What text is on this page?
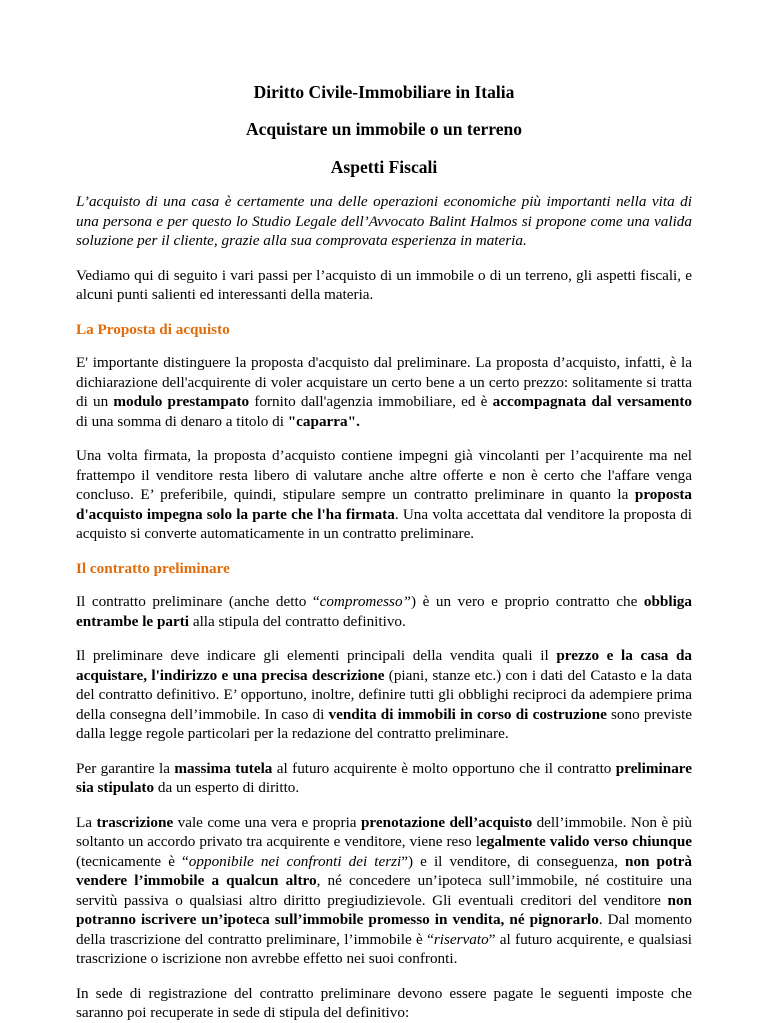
Diritto Civile-Immobiliare in Italia
Acquistare un immobile o un terreno
Aspetti Fiscali

L’acquisto di una casa è certamente una delle operazioni economiche più importanti nella vita di una persona e per questo lo Studio Legale dell’Avvocato Balint Halmos si propone come una valida soluzione per il cliente, grazie alla sua comprovata esperienza in materia.

Vediamo qui di seguito i vari passi per l’acquisto di un immobile o di un terreno, gli aspetti fiscali, e alcuni punti salienti ed interessanti della materia.

La Proposta di acquisto

E' importante distinguere la proposta d'acquisto dal preliminare. La proposta d’acquisto, infatti, è la dichiarazione dell'acquirente di voler acquistare un certo bene a un certo prezzo: solitamente si tratta di un modulo prestampato fornito dall'agenzia immobiliare, ed è accompagnata dal versamento di una somma di denaro a titolo di "caparra".

Una volta firmata, la proposta d’acquisto contiene impegni già vincolanti per l’acquirente ma nel frattempo il venditore resta libero di valutare anche altre offerte e non è certo che l'affare venga concluso. E’ preferibile, quindi, stipulare sempre un contratto preliminare in quanto la proposta d'acquisto impegna solo la parte che l'ha firmata. Una volta accettata dal venditore la proposta di acquisto si converte automaticamente in un contratto preliminare.

Il contratto preliminare

Il contratto preliminare (anche detto “compromesso”) è un vero e proprio contratto che obbliga entrambe le parti alla stipula del contratto definitivo.

Il preliminare deve indicare gli elementi principali della vendita quali il prezzo e la casa da acquistare, l'indirizzo e una precisa descrizione (piani, stanze etc.) con i dati del Catasto e la data del contratto definitivo. E’ opportuno, inoltre, definire tutti gli obblighi reciproci da adempiere prima della consegna dell’immobile. In caso di vendita di immobili in corso di costruzione sono previste dalla legge regole particolari per la redazione del contratto preliminare.

Per garantire la massima tutela al futuro acquirente è molto opportuno che il contratto preliminare sia stipulato da un esperto di diritto.

La trascrizione vale come una vera e propria prenotazione dell’acquisto dell’immobile. Non è più soltanto un accordo privato tra acquirente e venditore, viene reso legalmente valido verso chiunque (tecnicamente è “opponibile nei confronti dei terzi”) e il venditore, di conseguenza, non potrà vendere l’immobile a qualcun altro, né concedere un’ipoteca sull’immobile, né costituire una servitù passiva o qualsiasi altro diritto pregiudizievole. Gli eventuali creditori del venditore non potranno iscrivere un’ipoteca sull’immobile promesso in vendita, né pignorarlo. Dal momento della trascrizione del contratto preliminare, l’immobile è “riservato” al futuro acquirente, e qualsiasi trascrizione o iscrizione non avrebbe effetto nei suoi confronti.

In sede di registrazione del contratto preliminare devono essere pagate le seguenti imposte che saranno poi recuperate in sede di stipula del definitivo:
